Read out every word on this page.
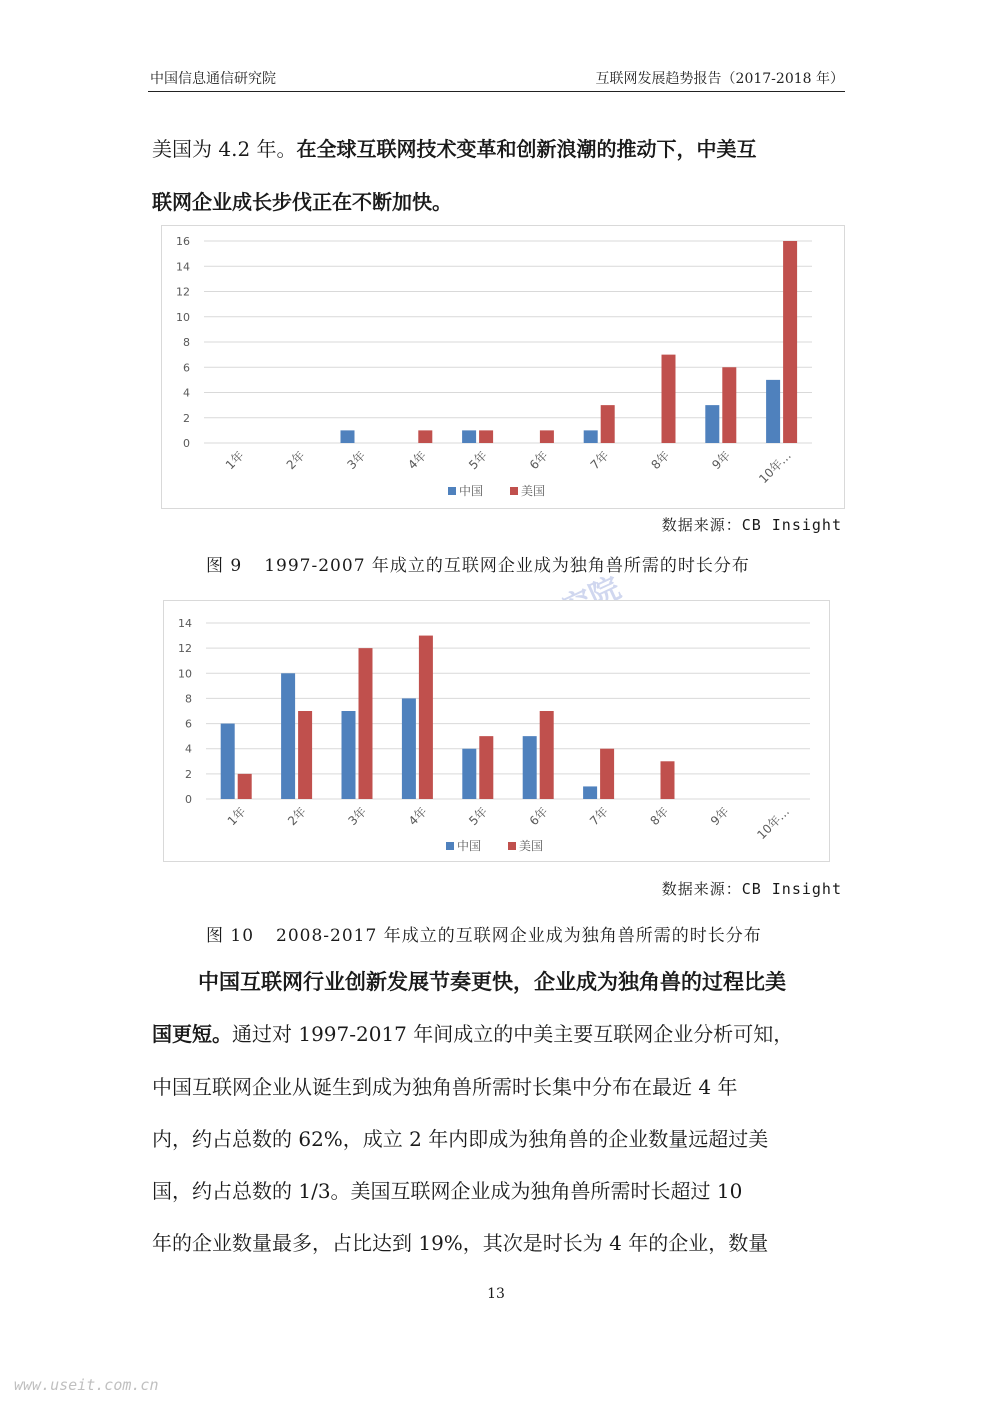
中国信息通信研究院	互联网发展趋势报告（2017-2018 年）
美国为 4.2 年。在全球互联网技术变革和创新浪潮的推动下，中美互
联网企业成长步伐正在不断加快。
0
2
4
6
8
10
12
14
16
1年	2年	3年	4年	5年	6年	7年	8年	9年 10年…
中国	美国
数据来源：CB Insight
图 9 1997-2007 年成立的互联网企业成为独角兽所需的时长分布
0
2
4
6
8
10
12
14
1年	2年	3年	4年	5年	6年	7年	8年	9年 10年…
中国	美国
数据来源：CB Insight
图 10 2008-2017 年成立的互联网企业成为独角兽所需的时长分布
中国互联网行业创新发展节奏更快，企业成为独角兽的过程比美
国更短。通过对 1997-2017 年间成立的中美主要互联网企业分析可知，
中国互联网企业从诞生到成为独角兽所需时长集中分布在最近 4 年
内，约占总数的 62%，成立 2 年内即成为独角兽的企业数量远超过美
国，约占总数的 1/3。美国互联网企业成为独角兽所需时长超过 10
年的企业数量最多，占比达到 19%，其次是时长为 4 年的企业，数量
13
www.useit.com.cn
